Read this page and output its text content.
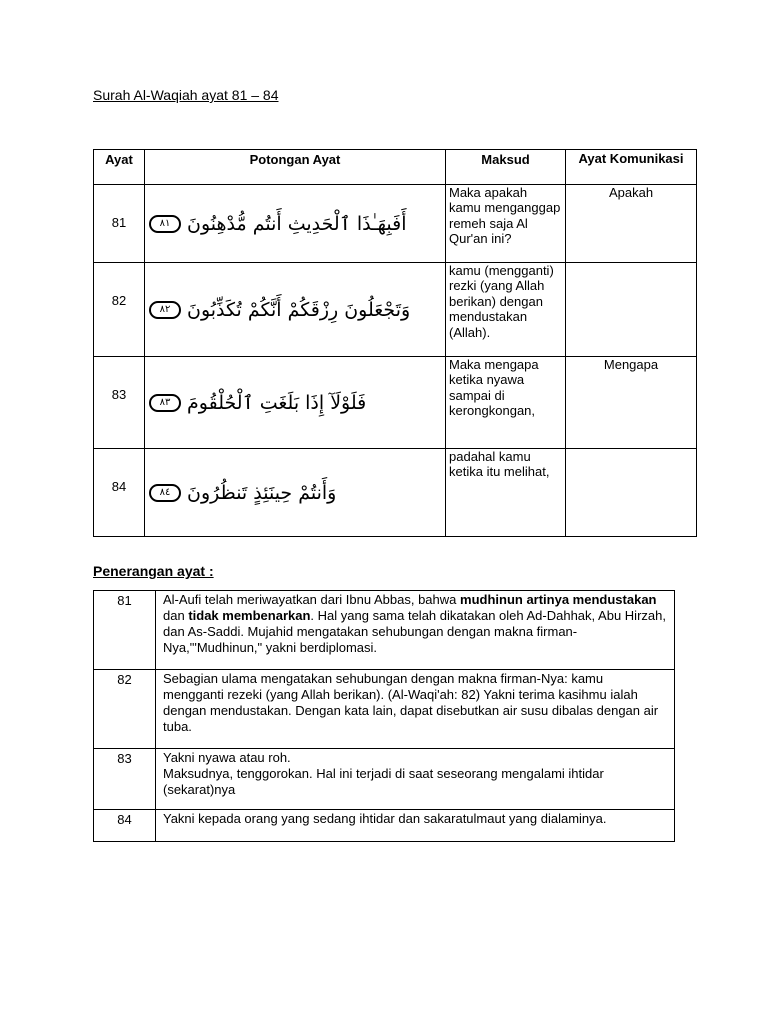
Surah Al-Waqiah ayat 81 – 84
Ayat	Potongan Ayat	Maksud	Ayat Komunikasi
81	٨١ أَفَبِهَـٰذَا ٱلْحَدِيثِ أَنتُم مُّدْهِنُونَ	Maka apakah kamu menganggap remeh saja Al Qur'an ini?	Apakah
82	٨٢ وَتَجْعَلُونَ رِزْقَكُمْ أَنَّكُمْ تُكَذِّبُونَ	kamu (mengganti) rezki (yang Allah berikan) dengan mendustakan (Allah).	
83	٨٣ فَلَوْلَآ إِذَا بَلَغَتِ ٱلْحُلْقُومَ	Maka mengapa ketika nyawa sampai di kerongkongan,	Mengapa
84	٨٤ وَأَنتُمْ حِينَئِذٍ تَنظُرُونَ	padahal kamu ketika itu melihat,	
Penerangan ayat :
81	Al-Aufi telah meriwayatkan dari Ibnu Abbas, bahwa mudhinun artinya mendustakan dan tidak membenarkan. Hal yang sama telah dikatakan oleh Ad-Dahhak, Abu Hirzah, dan As-Saddi. Mujahid mengatakan sehubungan dengan makna firman-Nya,"'Mudhinun," yakni berdiplomasi.
82	Sebagian ulama mengatakan sehubungan dengan makna firman-Nya: kamu mengganti rezeki (yang Allah berikan). (Al-Waqi'ah: 82) Yakni terima kasihmu ialah dengan mendustakan. Dengan kata lain, dapat disebutkan air susu dibalas dengan air tuba.
83	Yakni nyawa atau roh.
Maksudnya, tenggorokan. Hal ini terjadi di saat seseorang mengalami ihtidar (sekarat)nya
84	Yakni kepada orang yang sedang ihtidar dan sakaratulmaut yang dialaminya.
